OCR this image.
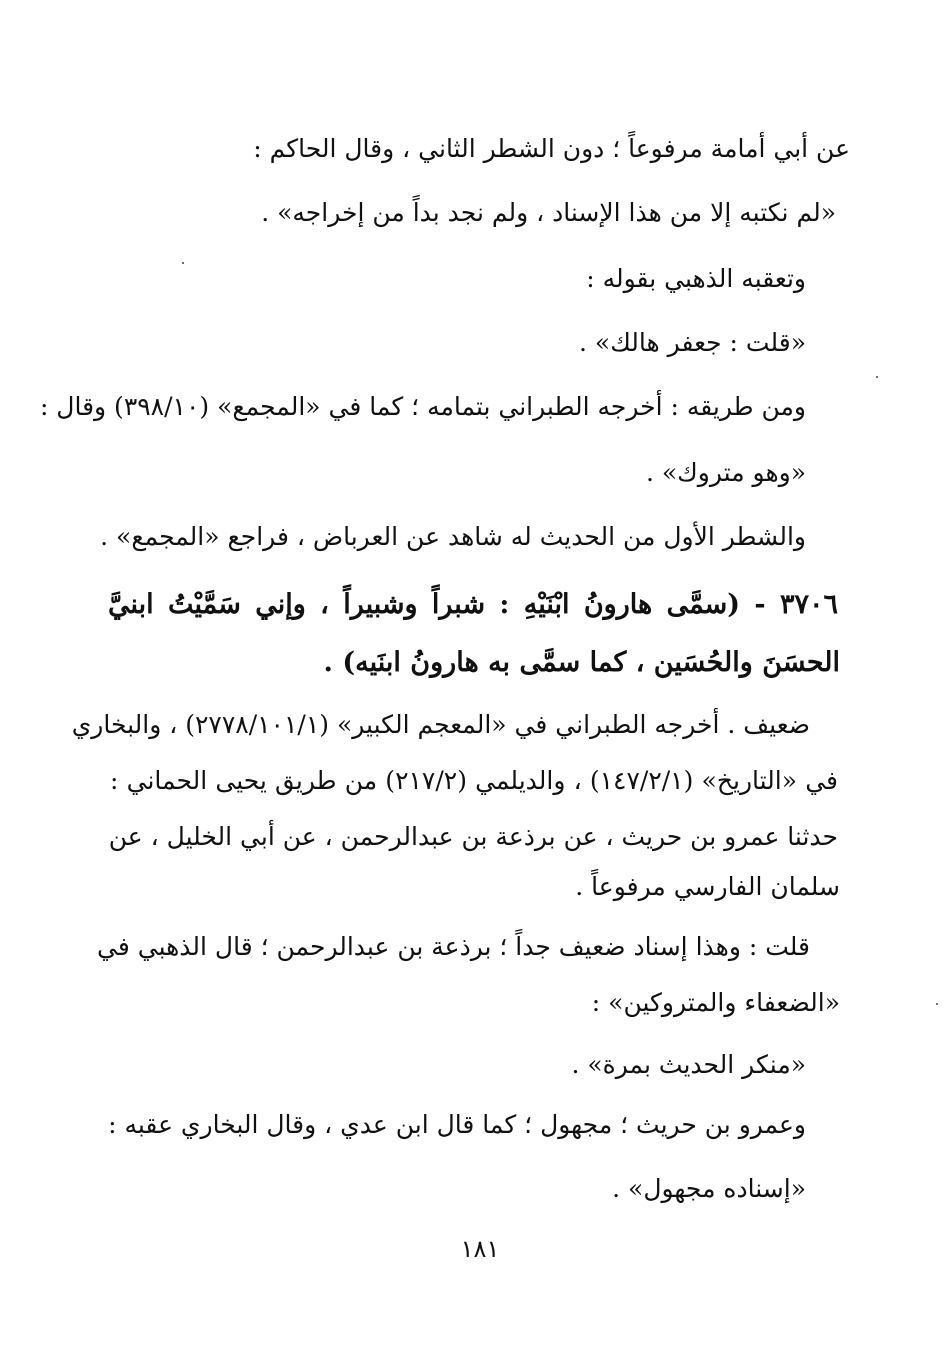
عن أبي أمامة مرفوعاً ؛ دون الشطر الثاني ، وقال الحاكم :
«لم نكتبه إلا من هذا الإسناد ، ولم نجد بداً من إخراجه» .
وتعقبه الذهبي بقوله :
«قلت : جعفر هالك» .
ومن طريقه : أخرجه الطبراني بتمامه ؛ كما في «المجمع» (٣٩٨/١٠) وقال :
«وهو متروك» .
والشطر الأول من الحديث له شاهد عن العرباض ، فراجع «المجمع» .
٣٧٠٦ - (سمَّى هارونُ ابْنَيْهِ : شبراً وشبيراً ، وإني سَمَّيْتُ ابنيَّ
الحسَنَ والحُسَين ، كما سمَّى به هارونُ ابنَيه) .
ضعيف . أخرجه الطبراني في «المعجم الكبير» (٢٧٧٨/١٠١/١) ، والبخاري
في «التاريخ» (١٤٧/٢/١) ، والديلمي (٢١٧/٢) من طريق يحيى الحماني :
حدثنا عمرو بن حريث ، عن برذعة بن عبدالرحمن ، عن أبي الخليل ، عن
سلمان الفارسي مرفوعاً .
قلت : وهذا إسناد ضعيف جداً ؛ برذعة بن عبدالرحمن ؛ قال الذهبي في
«الضعفاء والمتروكين» :
«منكر الحديث بمرة» .
وعمرو بن حريث ؛ مجهول ؛ كما قال ابن عدي ، وقال البخاري عقبه :
«إسناده مجهول» .
١٨١
